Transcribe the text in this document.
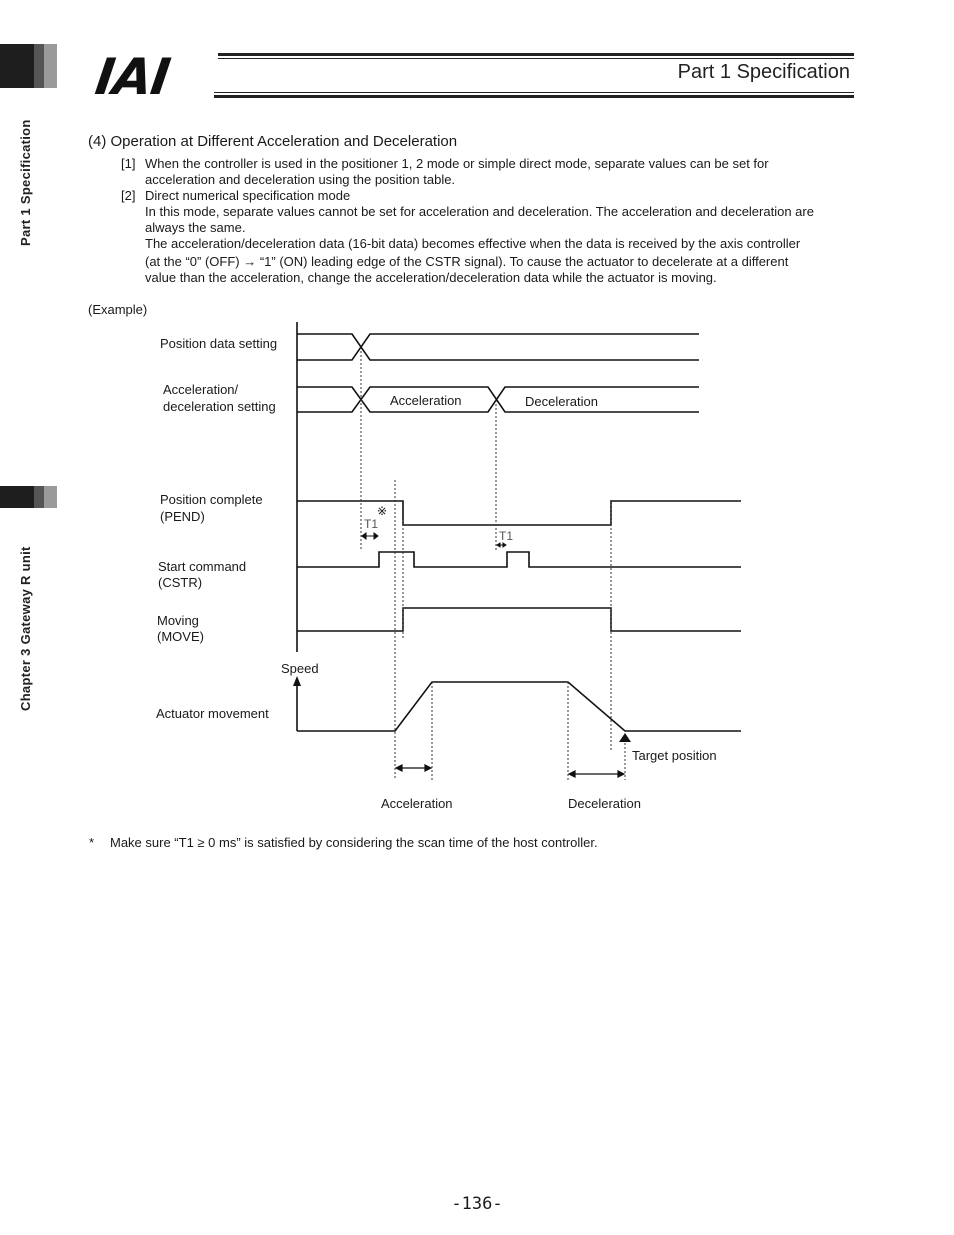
Part 1 Specification
Chapter 3 Gateway R unit
IAI	Part 1 Specification
(4) Operation at Different Acceleration and Deceleration
[1] When the controller is used in the positioner 1, 2 mode or simple direct mode, separate values can be set for
acceleration and deceleration using the position table.
[2] Direct numerical specification mode
In this mode, separate values cannot be set for acceleration and deceleration. The acceleration and deceleration are
always the same.
The acceleration/deceleration data (16-bit data) becomes effective when the data is received by the axis controller
(at the “0” (OFF) → “1” (ON) leading edge of the CSTR signal). To cause the actuator to decelerate at a different
value than the acceleration, change the acceleration/deceleration data while the actuator is moving.
(Example)
Position data setting
Acceleration/
deceleration setting	Acceleration	Deceleration
Position complete
(PEND)	※
T1
T1
Start command
(CSTR)
Moving
(MOVE)
Speed
Actuator movement
Target position
Acceleration	Deceleration
* Make sure “T1 ≥ 0 ms” is satisfied by considering the scan time of the host controller.
-136-
